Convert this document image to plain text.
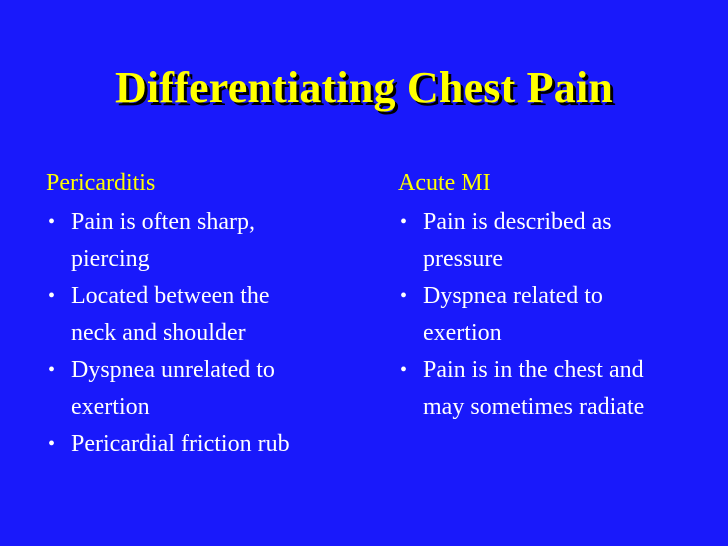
Differentiating Chest Pain
Pericarditis
• Pain is often sharp,
piercing
• Located between the
neck and shoulder
• Dyspnea unrelated to
exertion
• Pericardial friction rub
Acute MI
• Pain is described as
pressure
• Dyspnea related to
exertion
• Pain is in the chest and
may sometimes radiate
